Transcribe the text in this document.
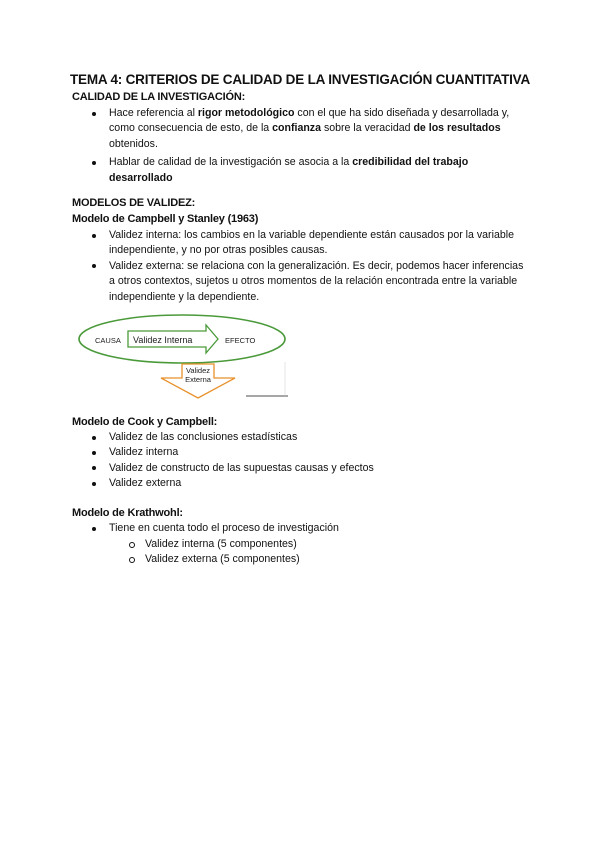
TEMA 4: CRITERIOS DE CALIDAD DE LA INVESTIGACIÓN CUANTITATIVA
CALIDAD DE LA INVESTIGACIÓN:
Hace referencia al rigor metodológico con el que ha sido diseñada y desarrollada y,
como consecuencia de esto, de la confianza sobre la veracidad de los resultados
obtenidos.
Hablar de calidad de la investigación se asocia a la credibilidad del trabajo
desarrollado
MODELOS DE VALIDEZ:
Modelo de Campbell y Stanley (1963)
Validez interna: los cambios en la variable dependiente están causados por la variable
independiente, y no por otras posibles causas.
Validez externa: se relaciona con la generalización. Es decir, podemos hacer inferencias
a otros contextos, sujetos u otros momentos de la relación encontrada entre la variable
independiente y la dependiente.
CAUSA Validez Interna	EFECTO
Validez
Externa
Modelo de Cook y Campbell:
Validez de las conclusiones estadísticas
Validez interna
Validez de constructo de las supuestas causas y efectos
Validez externa
Modelo de Krathwohl:
Tiene en cuenta todo el proceso de investigación
Validez interna (5 componentes)
Validez externa (5 componentes)
